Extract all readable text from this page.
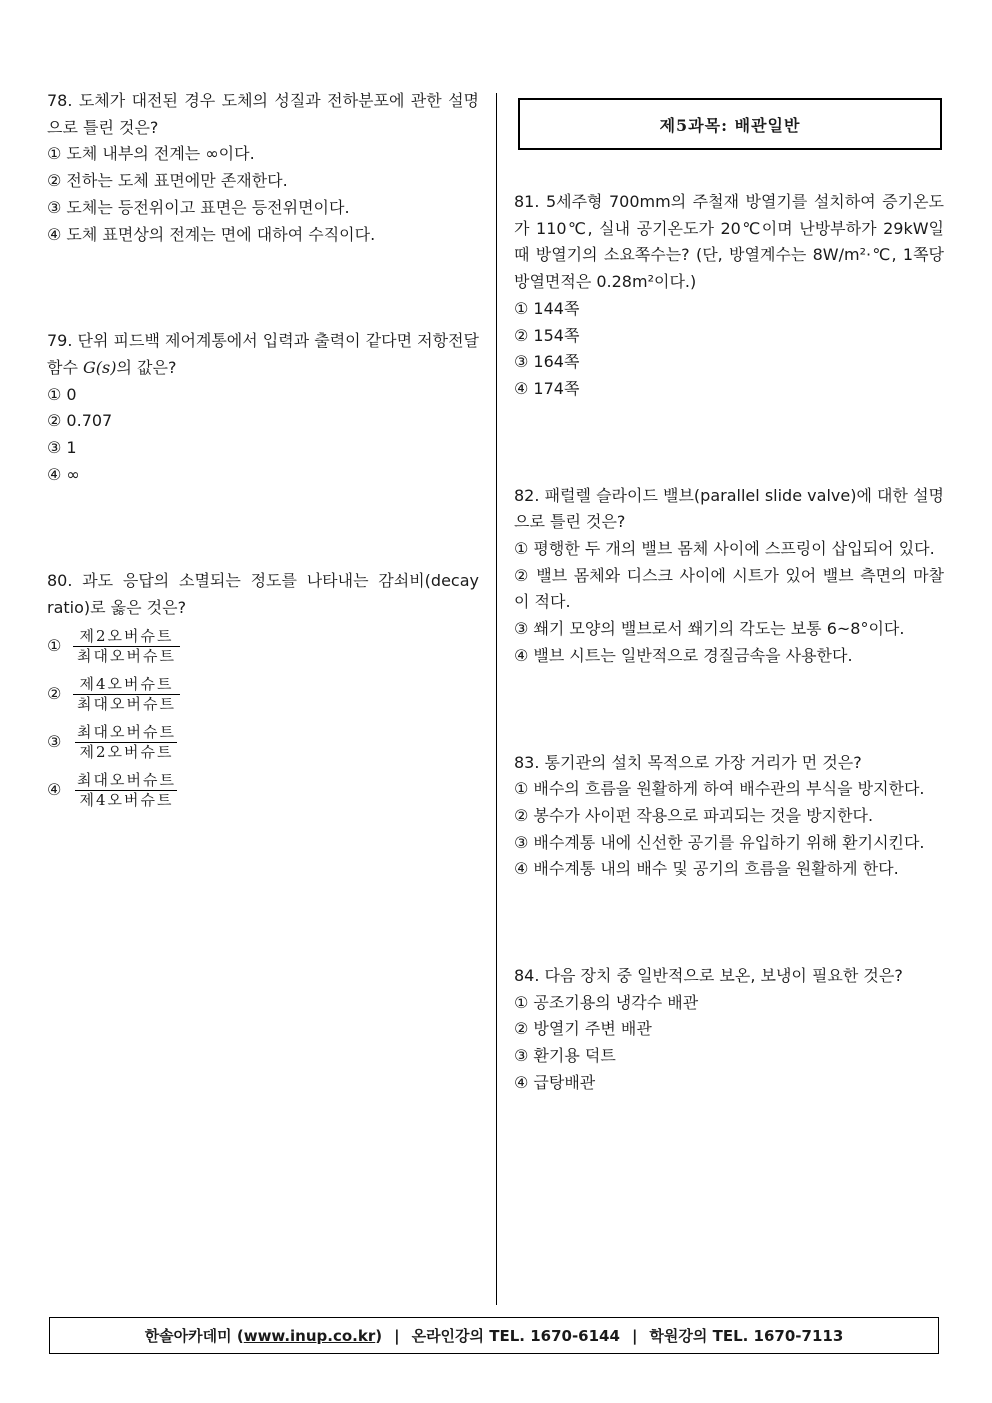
78. 도체가 대전된 경우 도체의 성질과 전하분포에 관한 설명으로 틀린 것은?

① 도체 내부의 전계는 ∞이다.

② 전하는 도체 표면에만 존재한다.

③ 도체는 등전위이고 표면은 등전위면이다.

④ 도체 표면상의 전계는 면에 대하여 수직이다.

79. 단위 피드백 제어계통에서 입력과 출력이 같다면 저항전달함수 G(s)의 값은?

① 0

② 0.707

③ 1

④ ∞

80. 과도 응답의 소멸되는 정도를 나타내는 감쇠비(decay ratio)로 옳은 것은?

① $\frac{\text{제2오버슈트}}{\text{최대오버슈트}}$
② $\frac{\text{제4오버슈트}}{\text{최대오버슈트}}$
③ $\frac{\text{최대오버슈트}}{\text{제2오버슈트}}$
④ $\frac{\text{최대오버슈트}}{\text{제4오버슈트}}$
제5과목: 배관일반

81. 5세주형 700mm의 주철재 방열기를 설치하여 증기온도가 110℃, 실내 공기온도가 20℃이며 난방부하가 29kW일 때 방열기의 소요쪽수는? (단, 방열계수는 8W/m²·℃, 1쪽당 방열면적은 0.28m²이다.)

① 144쪽

② 154쪽

③ 164쪽

④ 174쪽

82. 패럴렐 슬라이드 밸브(parallel slide valve)에 대한 설명으로 틀린 것은?

① 평행한 두 개의 밸브 몸체 사이에 스프링이 삽입되어 있다.

② 밸브 몸체와 디스크 사이에 시트가 있어 밸브 측면의 마찰이 적다.

③ 쐐기 모양의 밸브로서 쐐기의 각도는 보통 6~8°이다.

④ 밸브 시트는 일반적으로 경질금속을 사용한다.

83. 통기관의 설치 목적으로 가장 거리가 먼 것은?

① 배수의 흐름을 원활하게 하여 배수관의 부식을 방지한다.

② 봉수가 사이펀 작용으로 파괴되는 것을 방지한다.

③ 배수계통 내에 신선한 공기를 유입하기 위해 환기시킨다.

④ 배수계통 내의 배수 및 공기의 흐름을 원활하게 한다.

84. 다음 장치 중 일반적으로 보온, 보냉이 필요한 것은?

① 공조기용의 냉각수 배관

② 방열기 주변 배관

③ 환기용 덕트

④ 급탕배관

한솔아카데미 ( www.inup.co.kr ) | 온라인강의 TEL. 1670-6144 | 학원강의 TEL. 1670-7113
